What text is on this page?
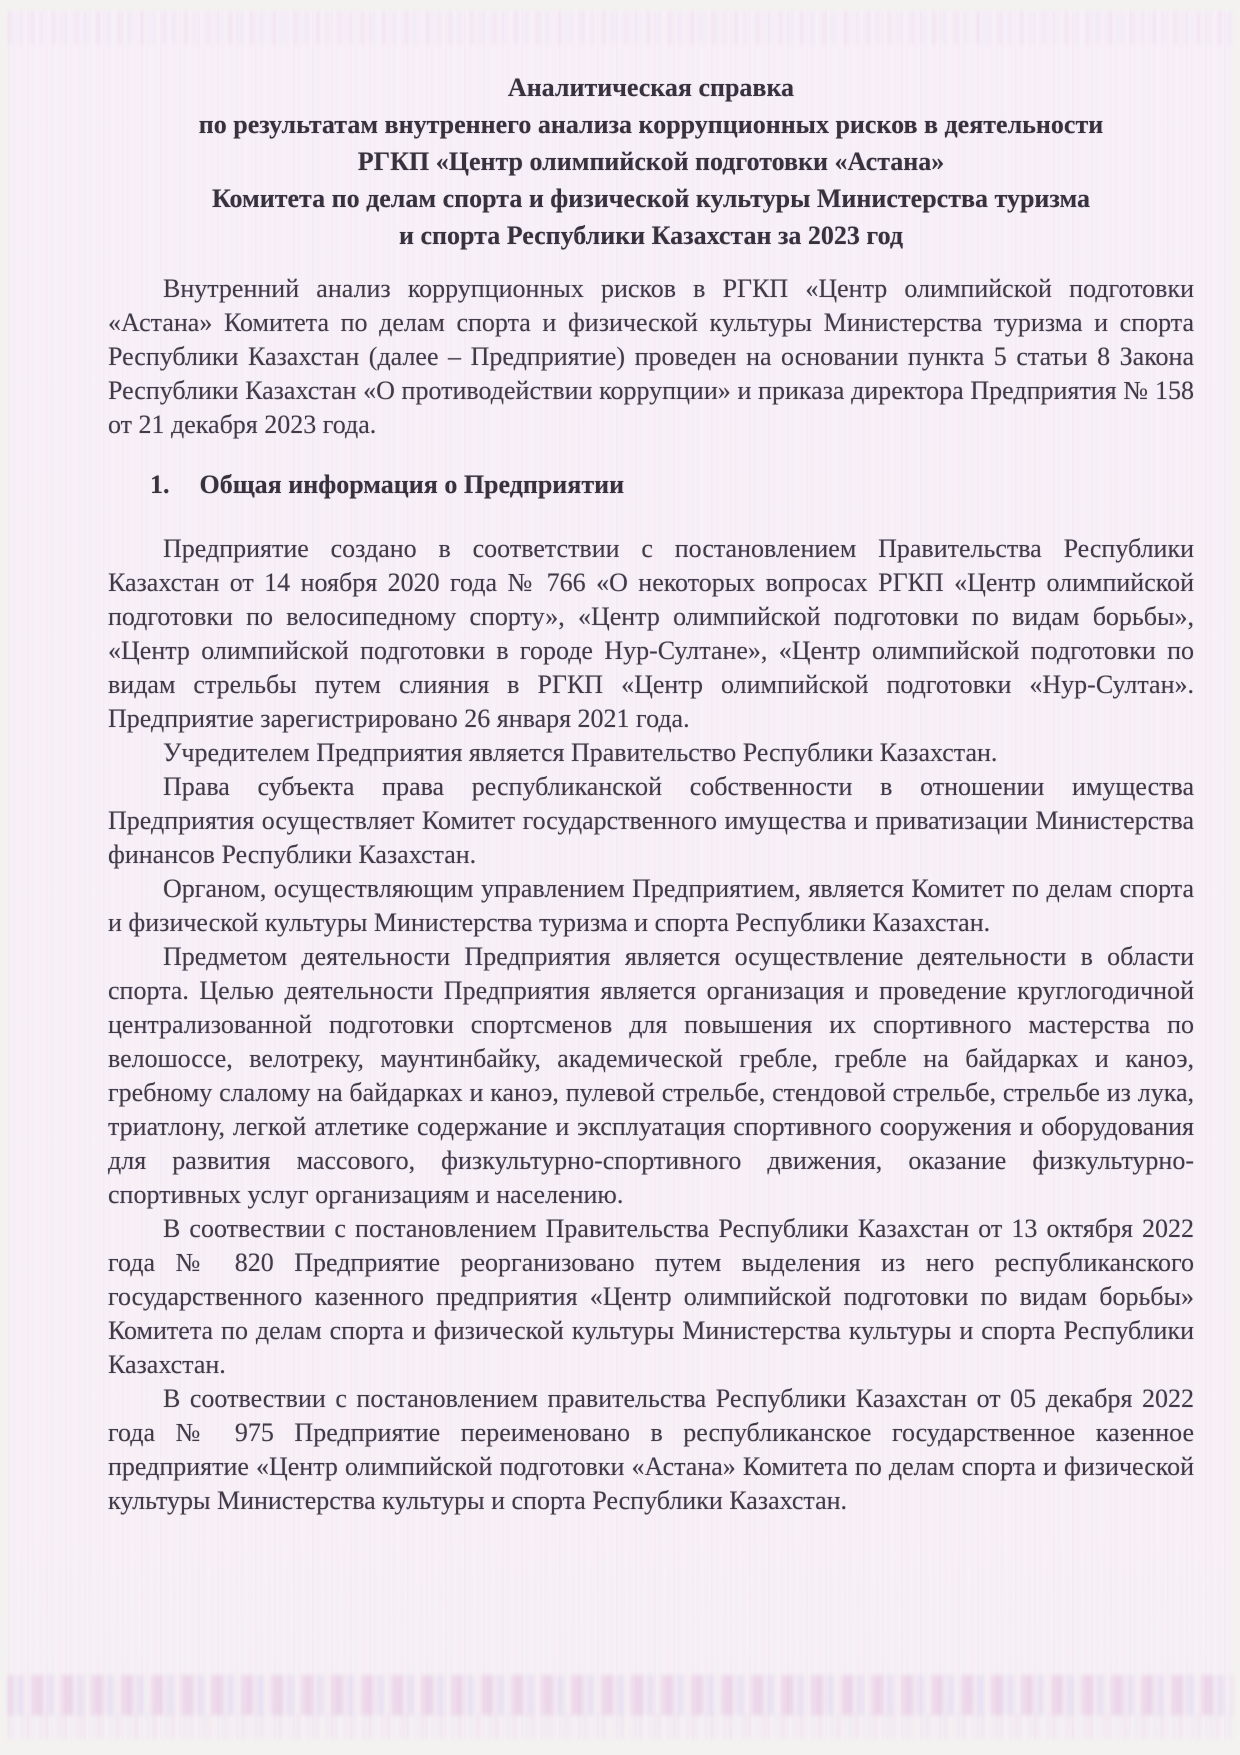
Аналитическая справка
по результатам внутреннего анализа коррупционных рисков в деятельности
РГКП «Центр олимпийской подготовки «Астана»
Комитета по делам спорта и физической культуры Министерства туризма
и спорта Республики Казахстан за 2023 год

Внутренний анализ коррупционных рисков в РГКП «Центр олимпийской подготовки «Астана» Комитета по делам спорта и физической культуры Министерства туризма и спорта Республики Казахстан (далее – Предприятие) проведен на основании пункта 5 статьи 8 Закона Республики Казахстан «О противодействии коррупции» и приказа директора Предприятия № 158 от 21 декабря 2023 года.

1. Общая информация о Предприятии

Предприятие создано в соответствии с постановлением Правительства Республики Казахстан от 14 ноября 2020 года № 766 «О некоторых вопросах РГКП «Центр олимпийской подготовки по велосипедному спорту», «Центр олимпийской подготовки по видам борьбы», «Центр олимпийской подготовки в городе Нур-Султане», «Центр олимпийской подготовки по видам стрельбы путем слияния в РГКП «Центр олимпийской подготовки «Нур-Султан». Предприятие зарегистрировано 26 января 2021 года.

Учредителем Предприятия является Правительство Республики Казахстан.

Права субъекта права республиканской собственности в отношении имущества Предприятия осуществляет Комитет государственного имущества и приватизации Министерства финансов Республики Казахстан.

Органом, осуществляющим управлением Предприятием, является Комитет по делам спорта и физической культуры Министерства туризма и спорта Республики Казахстан.

Предметом деятельности Предприятия является осуществление деятельности в области спорта. Целью деятельности Предприятия является организация и проведение круглогодичной централизованной подготовки спортсменов для повышения их спортивного мастерства по велошоссе, велотреку, маунтинбайку, академической гребле, гребле на байдарках и каноэ, гребному слалому на байдарках и каноэ, пулевой стрельбе, стендовой стрельбе, стрельбе из лука, триатлону, легкой атлетике содержание и эксплуатация спортивного сооружения и оборудования для развития массового, физкультурно-спортивного движения, оказание физкультурно-спортивных услуг организациям и населению.

В соотвествии с постановлением Правительства Республики Казахстан от 13 октября 2022 года № 820 Предприятие реорганизовано путем выделения из него республиканского государственного казенного предприятия «Центр олимпийской подготовки по видам борьбы» Комитета по делам спорта и физической культуры Министерства культуры и спорта Республики Казахстан.

В соотвествии с постановлением правительства Республики Казахстан от 05 декабря 2022 года № 975 Предприятие переименовано в республиканское государственное казенное предприятие «Центр олимпийской подготовки «Астана» Комитета по делам спорта и физической культуры Министерства культуры и спорта Республики Казахстан.
